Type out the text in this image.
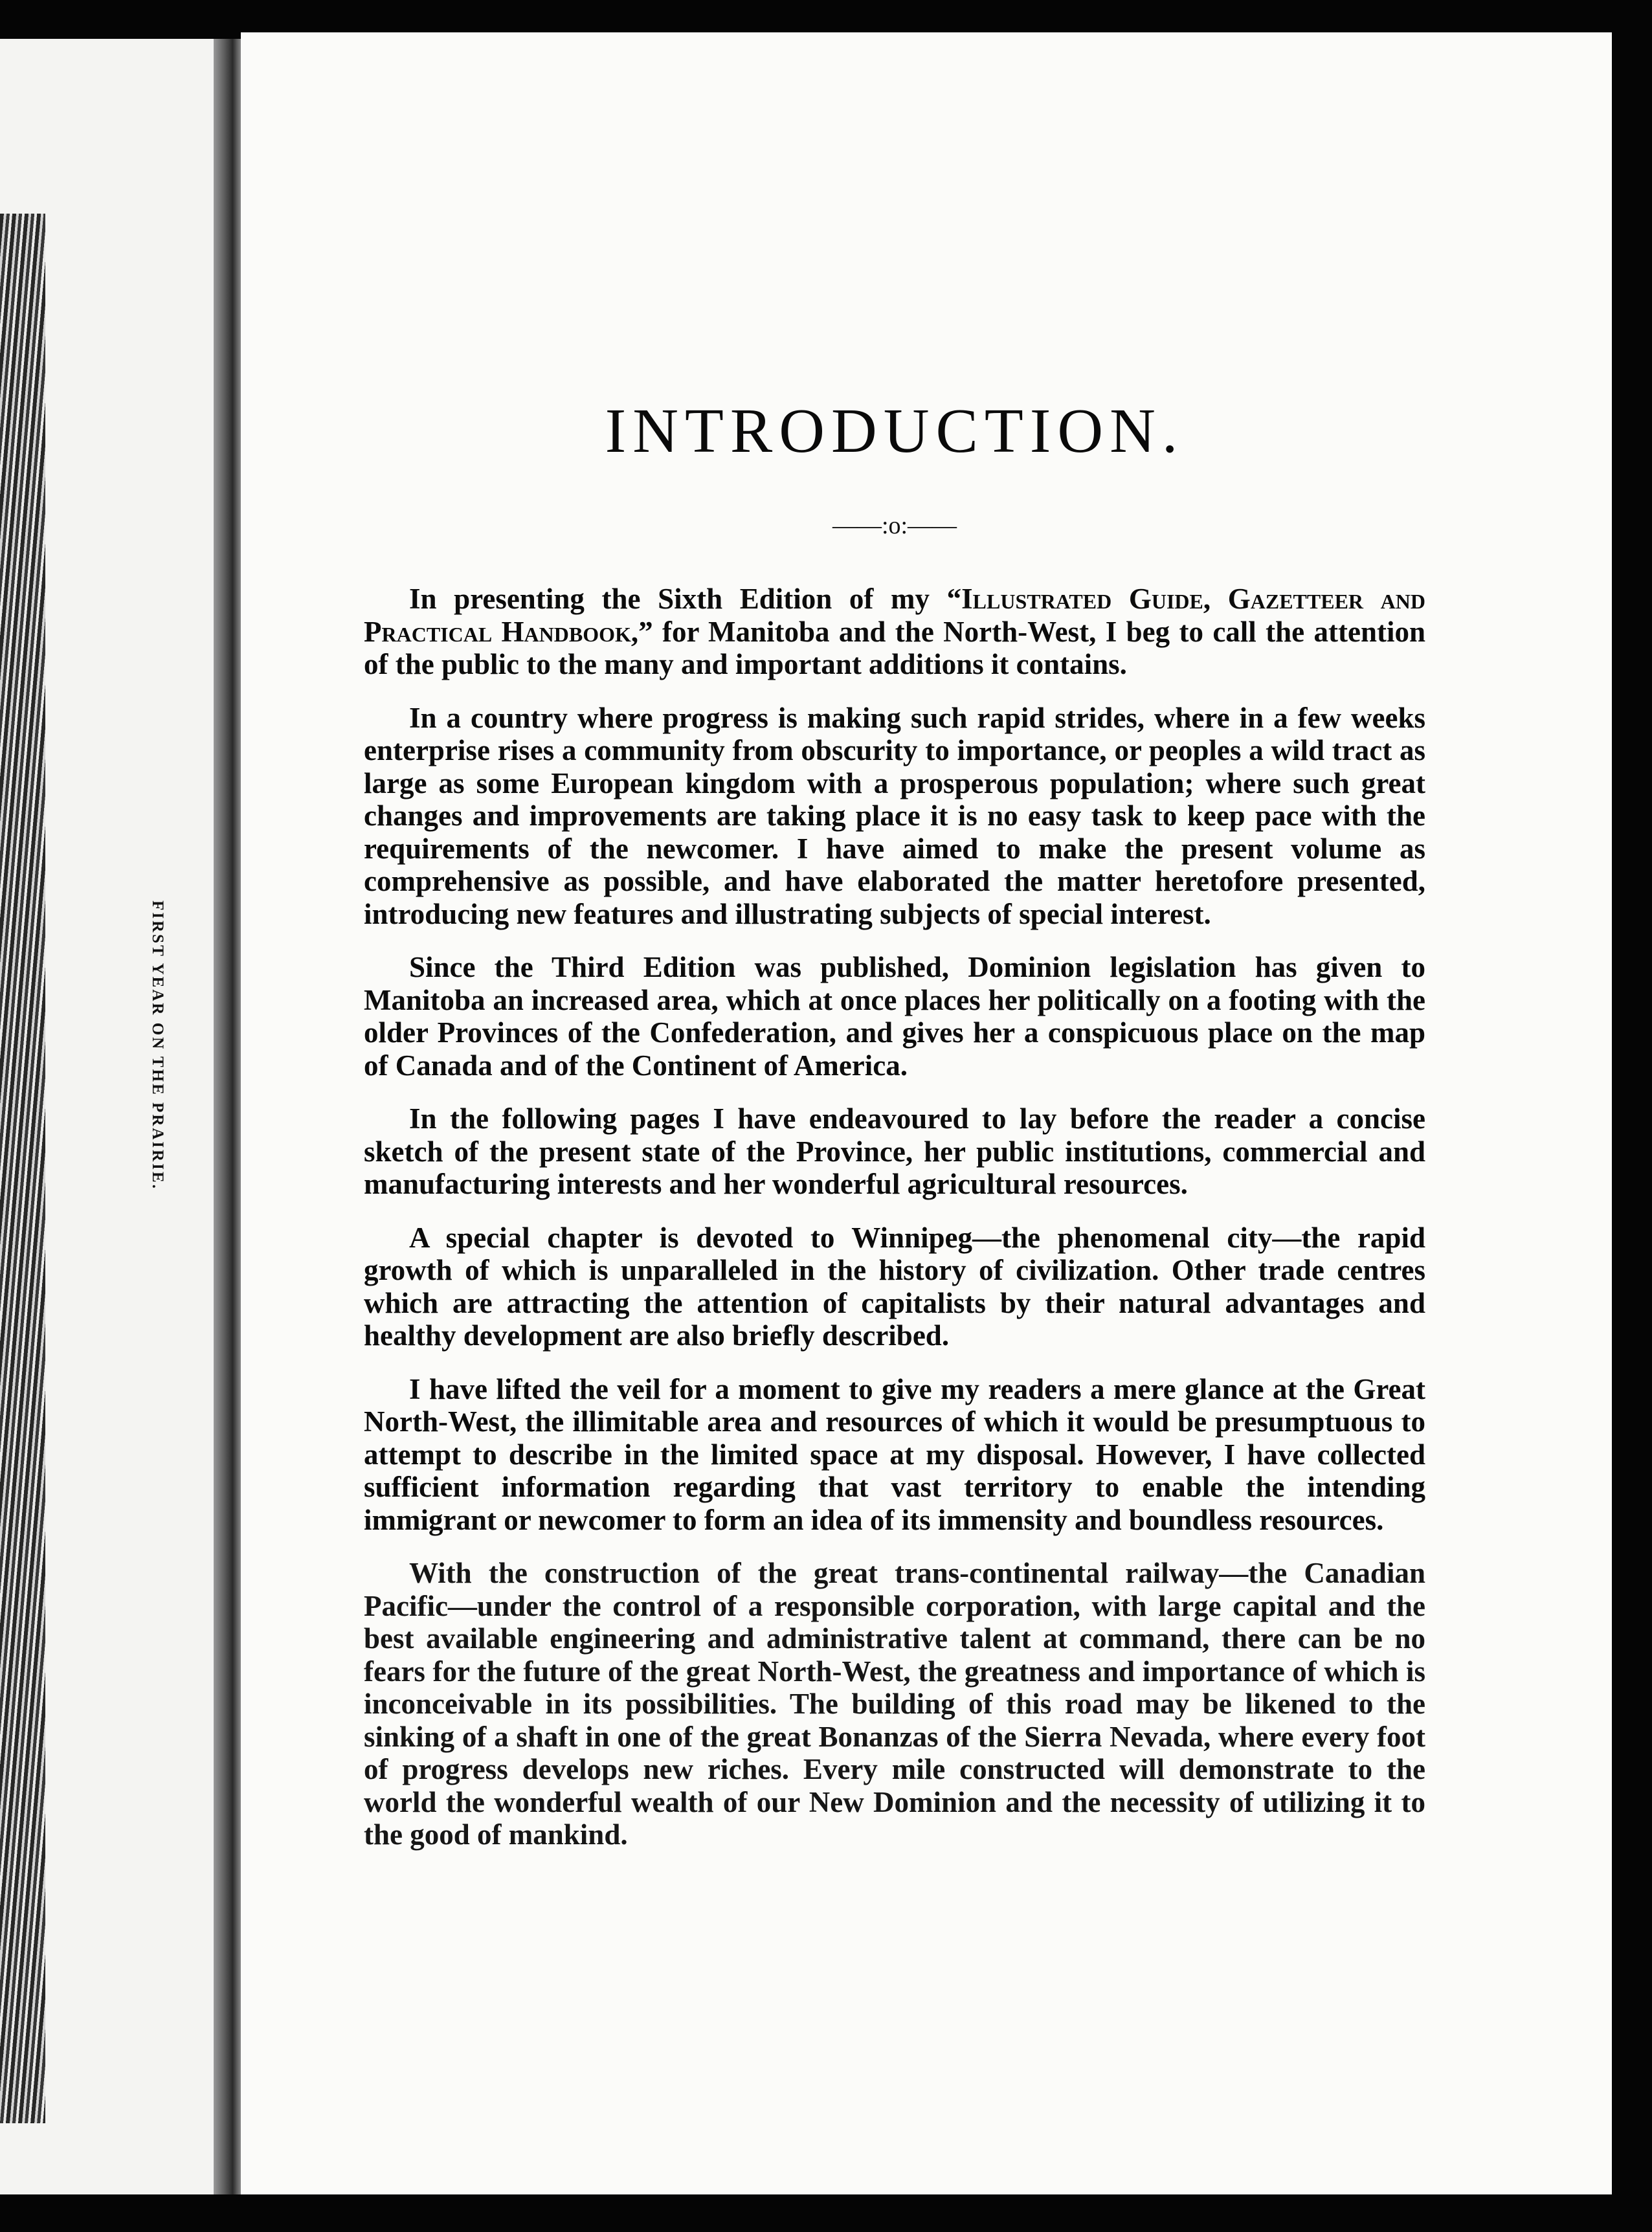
FIRST YEAR ON THE PRAIRIE.
INTRODUCTION.
——:o:——

In presenting the Sixth Edition of my “Illustrated Guide, Gazetteer and Practical Handbook,” for Manitoba and the North-West, I beg to call the attention of the public to the many and important additions it contains.

In a country where progress is making such rapid strides, where in a few weeks enterprise rises a community from obscurity to importance, or peoples a wild tract as large as some European kingdom with a prosperous population; where such great changes and improvements are taking place it is no easy task to keep pace with the requirements of the newcomer. I have aimed to make the present volume as comprehensive as possible, and have elaborated the matter heretofore presented, introducing new features and illustrating subjects of special interest.

Since the Third Edition was published, Dominion legislation has given to Manitoba an increased area, which at once places her politically on a footing with the older Provinces of the Confederation, and gives her a conspicuous place on the map of Canada and of the Continent of America.

In the following pages I have endeavoured to lay before the reader a concise sketch of the present state of the Province, her public institutions, commercial and manufacturing interests and her wonderful agricultural resources.

A special chapter is devoted to Winnipeg—the phenomenal city—the rapid growth of which is unparalleled in the history of civilization. Other trade centres which are attracting the attention of capitalists by their natural advantages and healthy development are also briefly described.

I have lifted the veil for a moment to give my readers a mere glance at the Great North-West, the illimitable area and resources of which it would be presumptuous to attempt to describe in the limited space at my disposal. However, I have collected sufficient information regarding that vast territory to enable the intending immigrant or newcomer to form an idea of its immensity and boundless resources.

With the construction of the great trans-continental railway—the Canadian Pacific—under the control of a responsible corporation, with large capital and the best available engineering and administrative talent at command, there can be no fears for the future of the great North-West, the greatness and importance of which is inconceivable in its possibilities. The building of this road may be likened to the sinking of a shaft in one of the great Bonanzas of the Sierra Nevada, where every foot of progress develops new riches. Every mile constructed will demonstrate to the world the wonderful wealth of our New Dominion and the necessity of utilizing it to the good of mankind.
